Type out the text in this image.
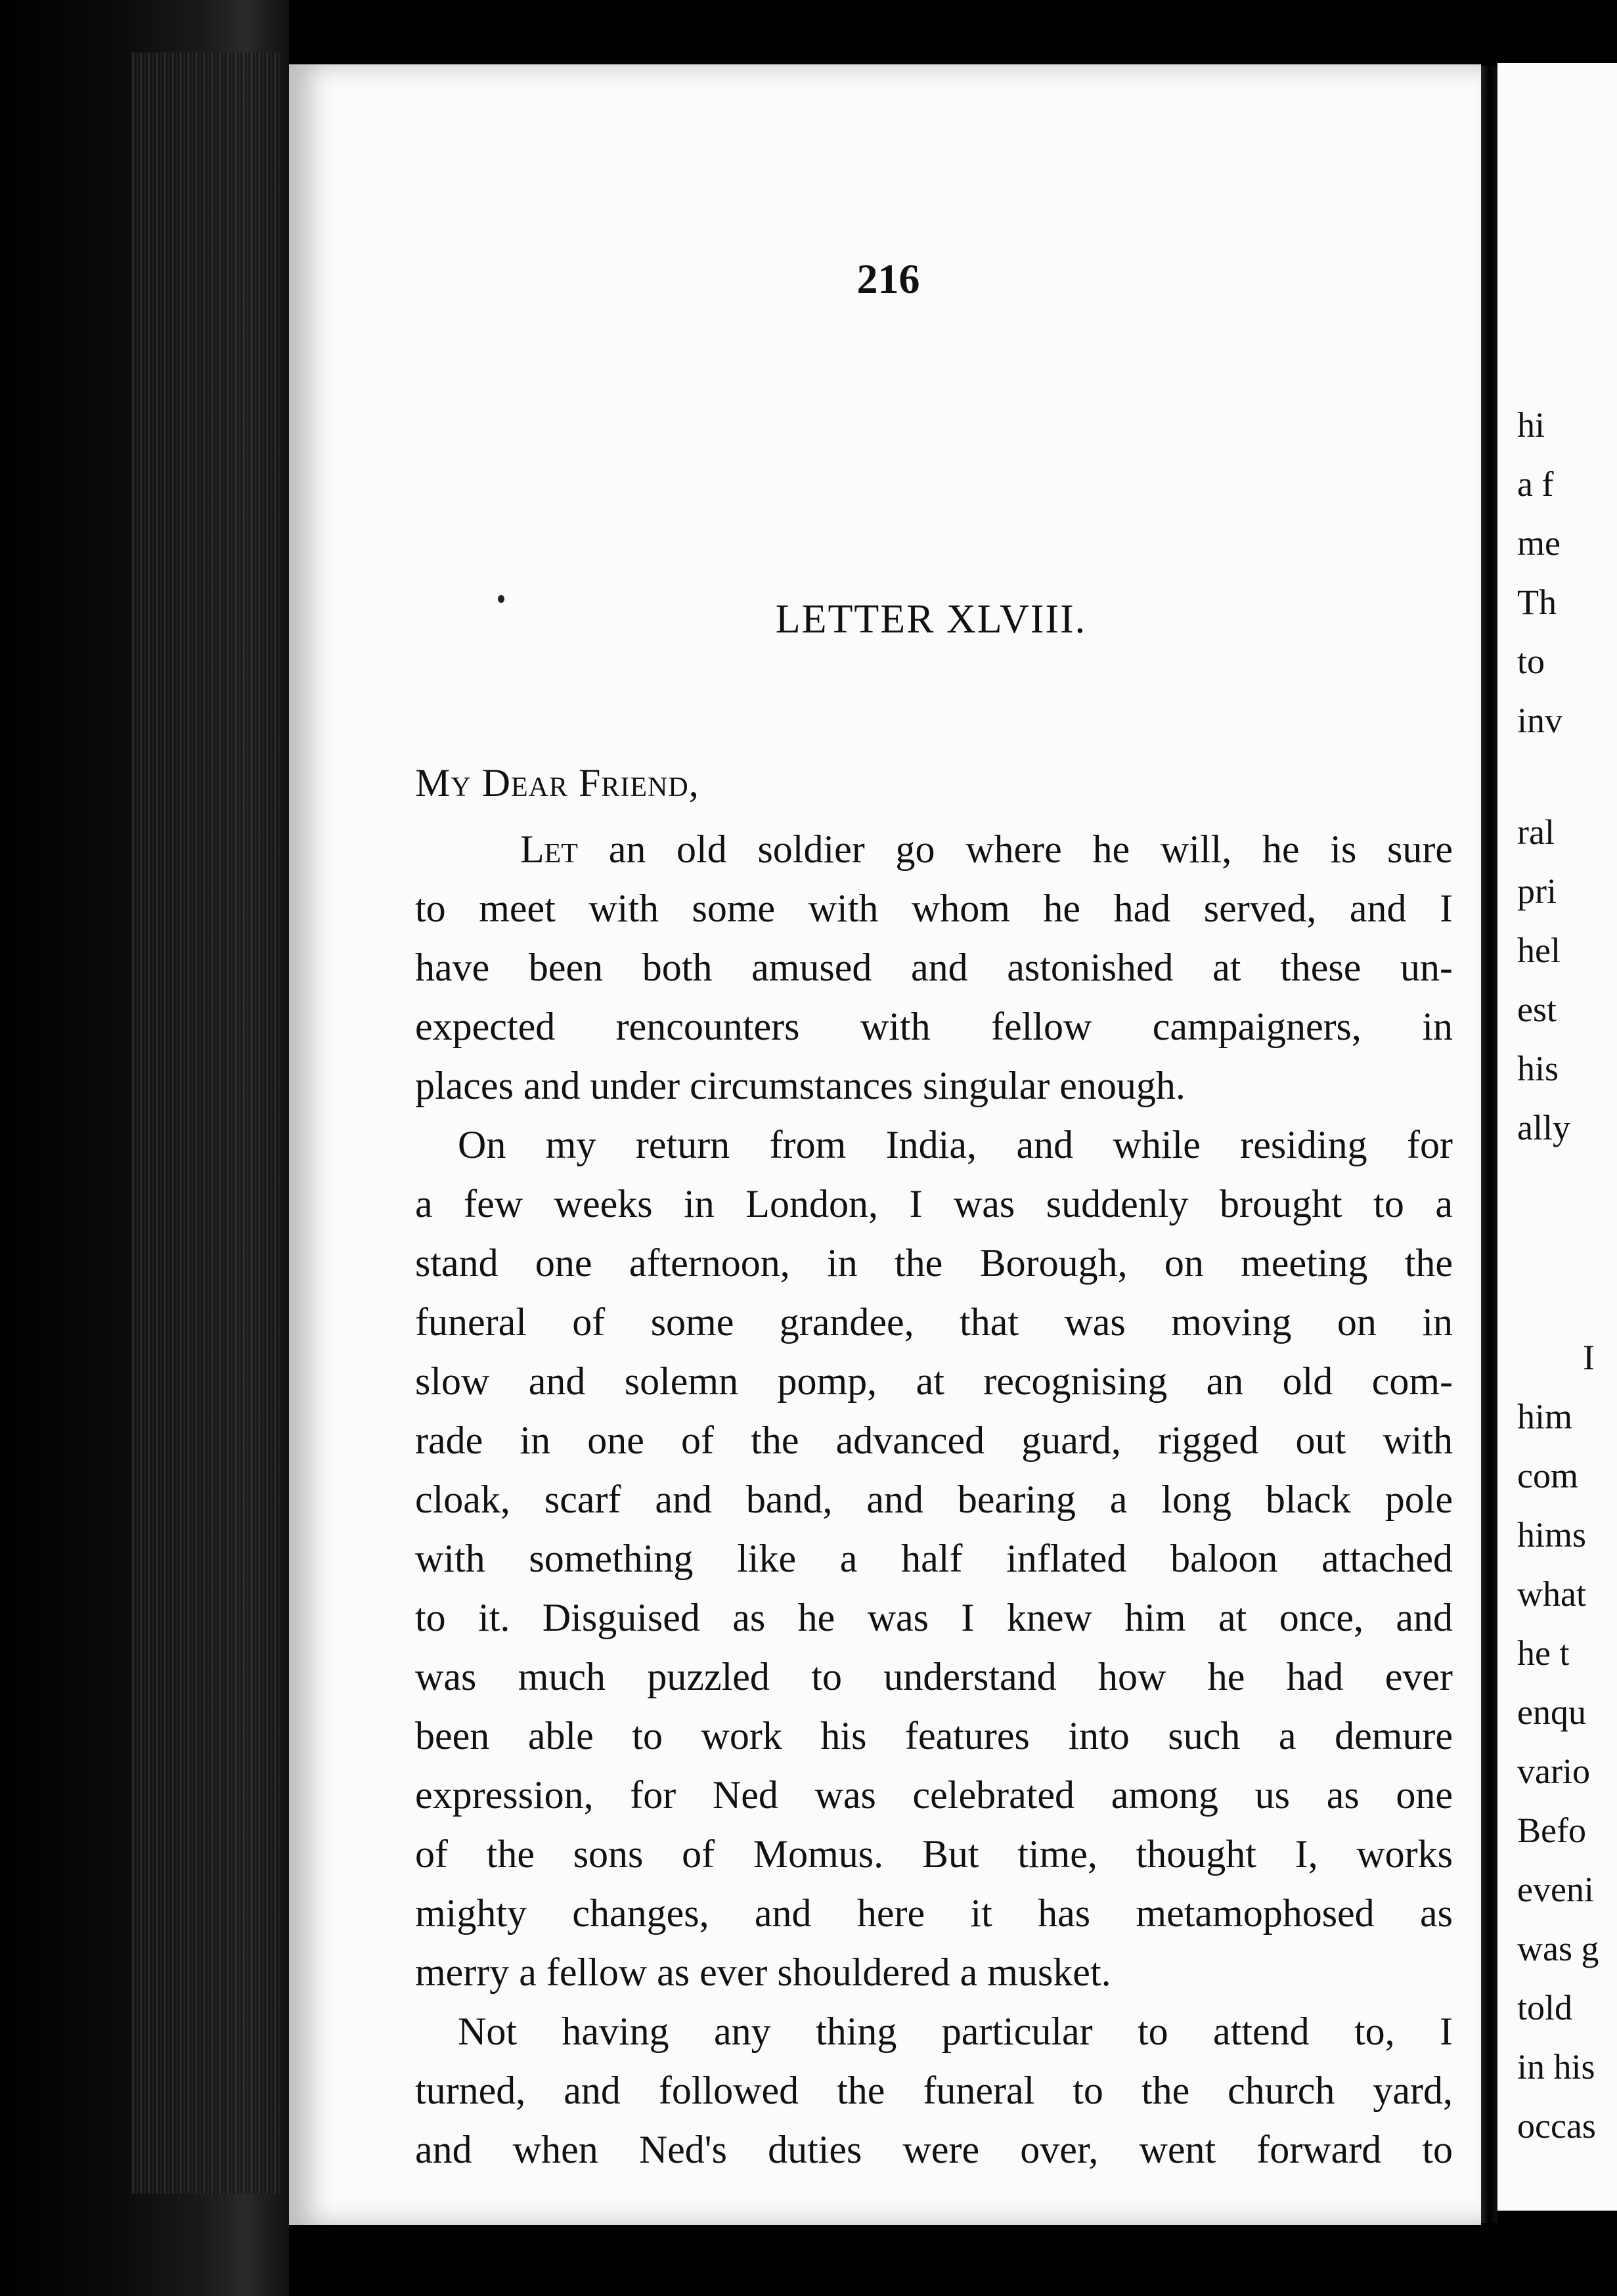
216
LETTER XLVIII.
My Dear Friend,
Let an old soldier go where he will, he is sure
to meet with some with whom he had served, and I
have been both amused and astonished at these un-
expected rencounters with fellow campaigners, in
places and under circumstances singular enough.
On my return from India, and while residing for
a few weeks in London, I was suddenly brought to a
stand one afternoon, in the Borough, on meeting the
funeral of some grandee, that was moving on in
slow and solemn pomp, at recognising an old com-
rade in one of the advanced guard, rigged out with
cloak, scarf and band, and bearing a long black pole
with something like a half inflated baloon attached
to it. Disguised as he was I knew him at once, and
was much puzzled to understand how he had ever
been able to work his features into such a demure
expression, for Ned was celebrated among us as one
of the sons of Momus. But time, thought I, works
mighty changes, and here it has metamophosed as
merry a fellow as ever shouldered a musket.
Not having any thing particular to attend to, I
turned, and followed the funeral to the church yard,
and when Ned's duties were over, went forward to
hi
a f
me
Th
to
inv
ral
pri
hel
est
his
ally
I
him
com
hims
what
he t
enqu
vario
Befo
eveni
was g
told
in his
occas
